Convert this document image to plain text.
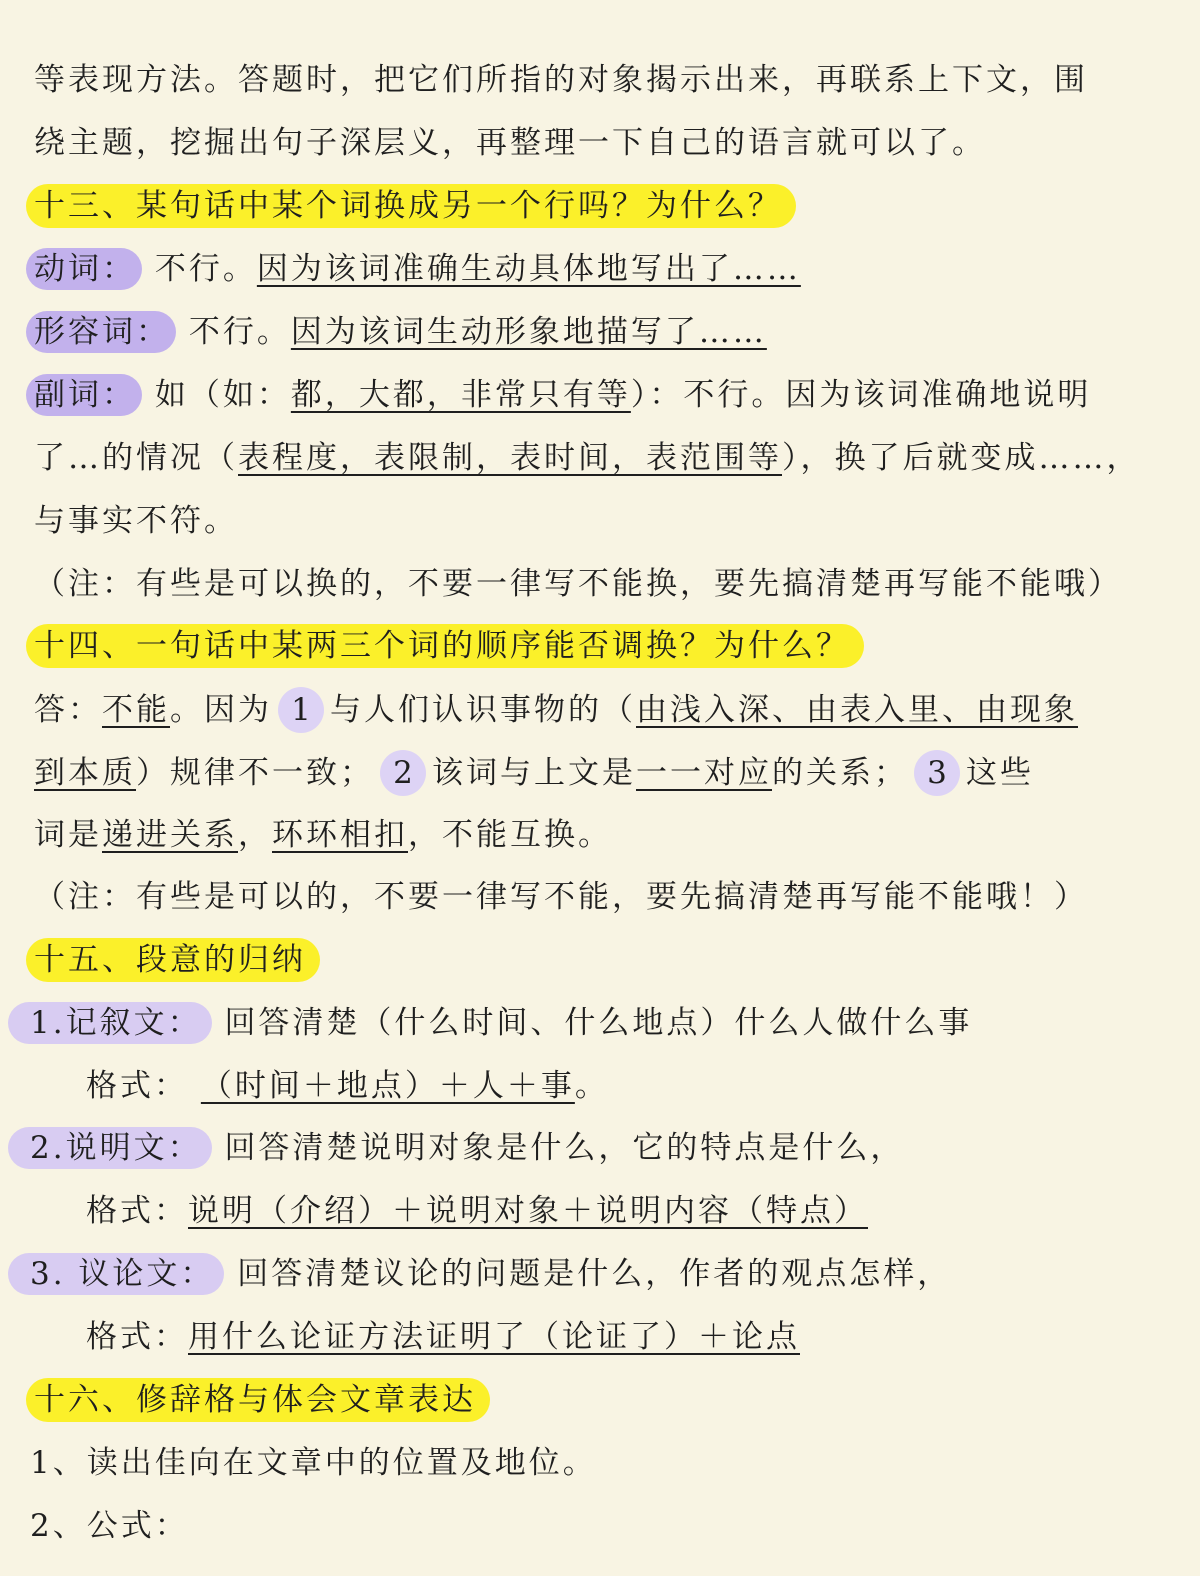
等表现方法。答题时，把它们所指的对象揭示出来，再联系上下文，围
绕主题，挖掘出句子深层义，再整理一下自己的语言就可以了。
十三、某句话中某个词换成另一个行吗？为什么？
动词： 不行。因为该词准确生动具体地写出了……
形容词： 不行。因为该词生动形象地描写了……
副词： 如（如：都，大都，非常只有等）：不行。因为该词准确地说明
了…的情况（表程度，表限制，表时间，表范围等），换了后就变成……，
与事实不符。
（注：有些是可以换的，不要一律写不能换，要先搞清楚再写能不能哦）
十四、一句话中某两三个词的顺序能否调换？为什么？
答：不能。因为 1 与人们认识事物的（由浅入深、由表入里、由现象
到本质）规律不一致； 2 该词与上文是一一对应的关系； 3 这些
词是递进关系，环环相扣，不能互换。
（注：有些是可以的，不要一律写不能，要先搞清楚再写能不能哦！）
十五、段意的归纳
1.记叙文： 回答清楚（什么时间、什么地点）什么人做什么事
格式： （时间＋地点）＋人＋事。
2.说明文： 回答清楚说明对象是什么，它的特点是什么，
格式：说明（介绍）＋说明对象＋说明内容（特点）
3. 议论文： 回答清楚议论的问题是什么，作者的观点怎样，
格式：用什么论证方法证明了（论证了）＋论点
十六、修辞格与体会文章表达
1、读出佳向在文章中的位置及地位。
2、公式：
